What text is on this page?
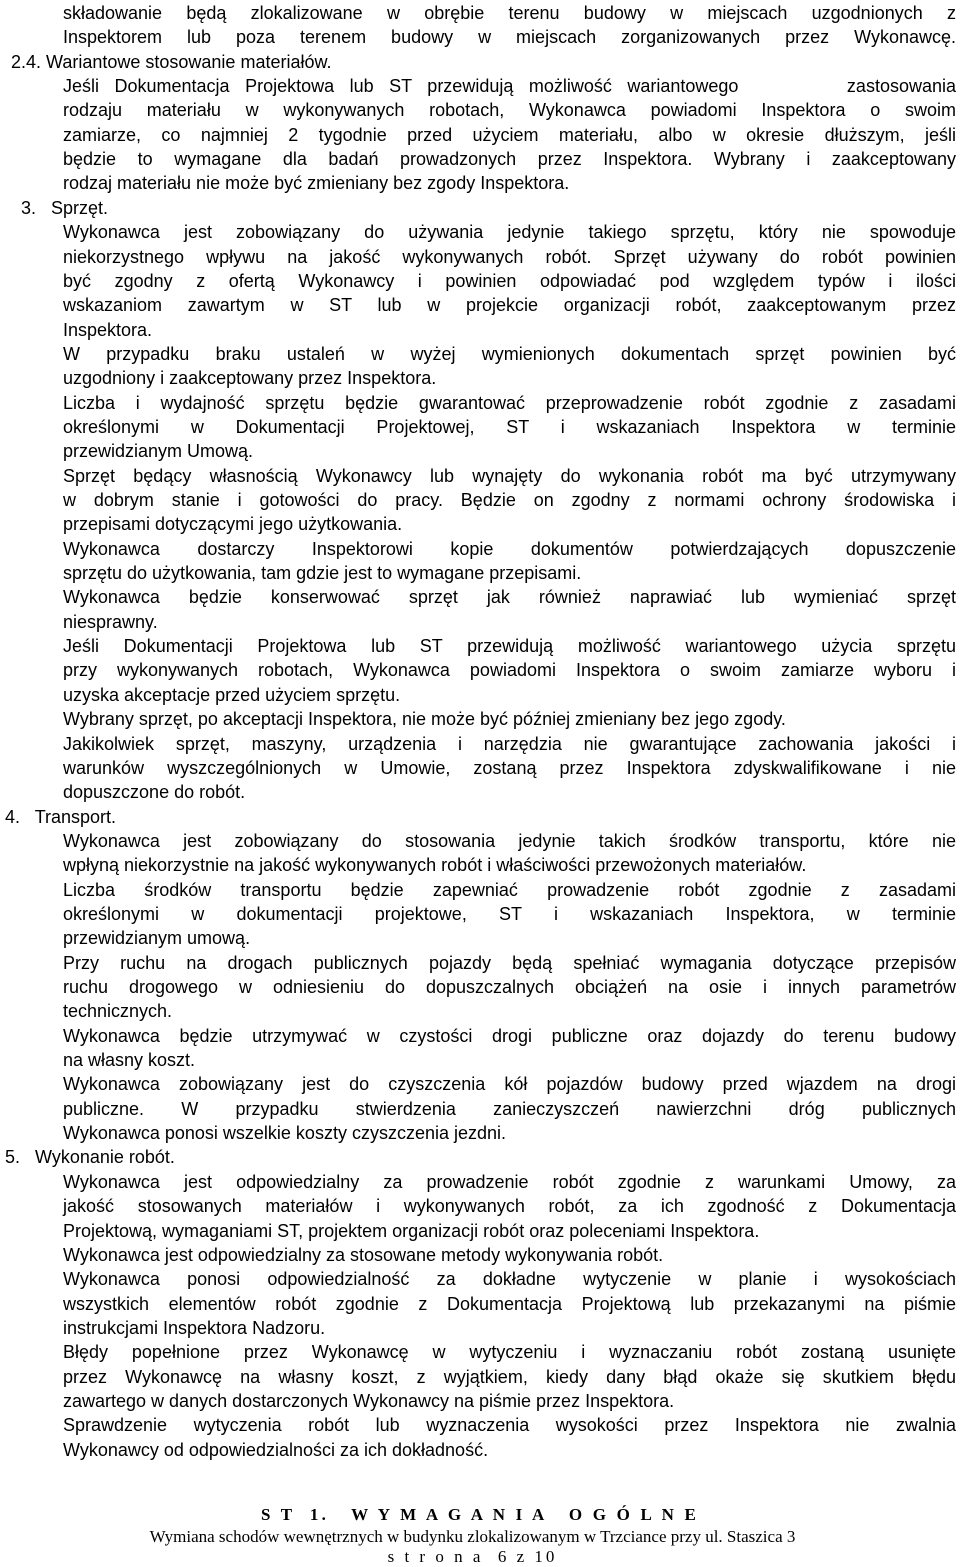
składowanie będą zlokalizowane w obrębie terenu budowy w miejscach uzgodnionych z
Inspektorem lub poza terenem budowy w miejscach zorganizowanych przez Wykonawcę.
2.4. Wariantowe stosowanie materiałów.
Jeśli Dokumentacja Projektowa lub ST przewidują możliwość wariantowego       zastosowania
rodzaju materiału w wykonywanych robotach, Wykonawca powiadomi Inspektora o swoim
zamiarze, co najmniej 2 tygodnie przed użyciem materiału, albo w okresie dłuższym, jeśli
będzie to wymagane dla badań prowadzonych przez Inspektora. Wybrany i zaakceptowany
rodzaj materiału nie może być zmieniany bez zgody Inspektora.
3.   Sprzęt.
Wykonawca jest zobowiązany do używania jedynie takiego sprzętu, który nie spowoduje
niekorzystnego wpływu na jakość wykonywanych robót. Sprzęt używany do robót powinien
być zgodny z ofertą Wykonawcy i powinien odpowiadać pod względem typów i ilości
wskazaniom zawartym w ST lub w projekcie organizacji robót, zaakceptowanym przez
Inspektora.
W przypadku braku ustaleń w wyżej wymienionych dokumentach sprzęt powinien być
uzgodniony i zaakceptowany przez Inspektora.
Liczba i wydajność sprzętu będzie gwarantować przeprowadzenie robót zgodnie z zasadami
określonymi w Dokumentacji Projektowej, ST i wskazaniach Inspektora w terminie
przewidzianym Umową.
Sprzęt będący własnością Wykonawcy lub wynajęty do wykonania robót ma być utrzymywany
w dobrym stanie i gotowości do pracy. Będzie on zgodny z normami ochrony środowiska i
przepisami dotyczącymi jego użytkowania.
Wykonawca dostarczy Inspektorowi kopie dokumentów potwierdzających dopuszczenie
sprzętu do użytkowania, tam gdzie jest to wymagane przepisami.
Wykonawca będzie konserwować sprzęt jak również naprawiać lub wymieniać sprzęt
niesprawny.
Jeśli Dokumentacji Projektowa lub ST przewidują możliwość wariantowego użycia sprzętu
przy wykonywanych robotach, Wykonawca powiadomi Inspektora o swoim zamiarze wyboru i
uzyska akceptacje przed użyciem sprzętu.
Wybrany sprzęt, po akceptacji Inspektora, nie może być później zmieniany bez jego zgody.
Jakikolwiek sprzęt, maszyny, urządzenia i narzędzia nie gwarantujące zachowania jakości i
warunków wyszczególnionych w Umowie, zostaną przez Inspektora zdyskwalifikowane i nie
dopuszczone do robót.
4.   Transport.
Wykonawca jest zobowiązany do stosowania jedynie takich środków transportu, które nie
wpłyną niekorzystnie na jakość wykonywanych robót i właściwości przewożonych materiałów.
Liczba środków transportu będzie zapewniać prowadzenie robót zgodnie z zasadami
określonymi w dokumentacji projektowe, ST i wskazaniach Inspektora, w terminie
przewidzianym umową.
Przy ruchu na drogach publicznych pojazdy będą spełniać wymagania dotyczące przepisów
ruchu drogowego w odniesieniu do dopuszczalnych obciążeń na osie i innych parametrów
technicznych.
Wykonawca będzie utrzymywać w czystości drogi publiczne oraz dojazdy do terenu budowy
na własny koszt.
Wykonawca zobowiązany jest do czyszczenia kół pojazdów budowy przed wjazdem na drogi
publiczne. W przypadku stwierdzenia zanieczyszczeń nawierzchni dróg publicznych
Wykonawca ponosi wszelkie koszty czyszczenia jezdni.
5.   Wykonanie robót.
Wykonawca jest odpowiedzialny za prowadzenie robót zgodnie z warunkami Umowy, za
jakość stosowanych materiałów i wykonywanych robót, za ich zgodność z Dokumentacja
Projektową, wymaganiami ST, projektem organizacji robót oraz poleceniami Inspektora.
Wykonawca jest odpowiedzialny za stosowane metody wykonywania robót.
Wykonawca ponosi odpowiedzialność za dokładne wytyczenie w planie i wysokościach
wszystkich elementów robót zgodnie z Dokumentacja Projektową lub przekazanymi na piśmie
instrukcjami Inspektora Nadzoru.
Błędy popełnione przez Wykonawcę w wytyczeniu i wyznaczaniu robót zostaną usunięte
przez Wykonawcę na własny koszt, z wyjątkiem, kiedy dany błąd okaże się skutkiem błędu
zawartego w danych dostarczonych Wykonawcy na piśmie przez Inspektora.
Sprawdzenie wytyczenia robót lub wyznaczenia wysokości przez Inspektora nie zwalnia
Wykonawcy od odpowiedzialności za ich dokładność.
S T  1.   W Y M A G A N I A   O G Ó L N E
Wymiana schodów wewnętrznych w budynku zlokalizowanym w Trzciance przy ul. Staszica 3
s t r o n a  6 z 10
